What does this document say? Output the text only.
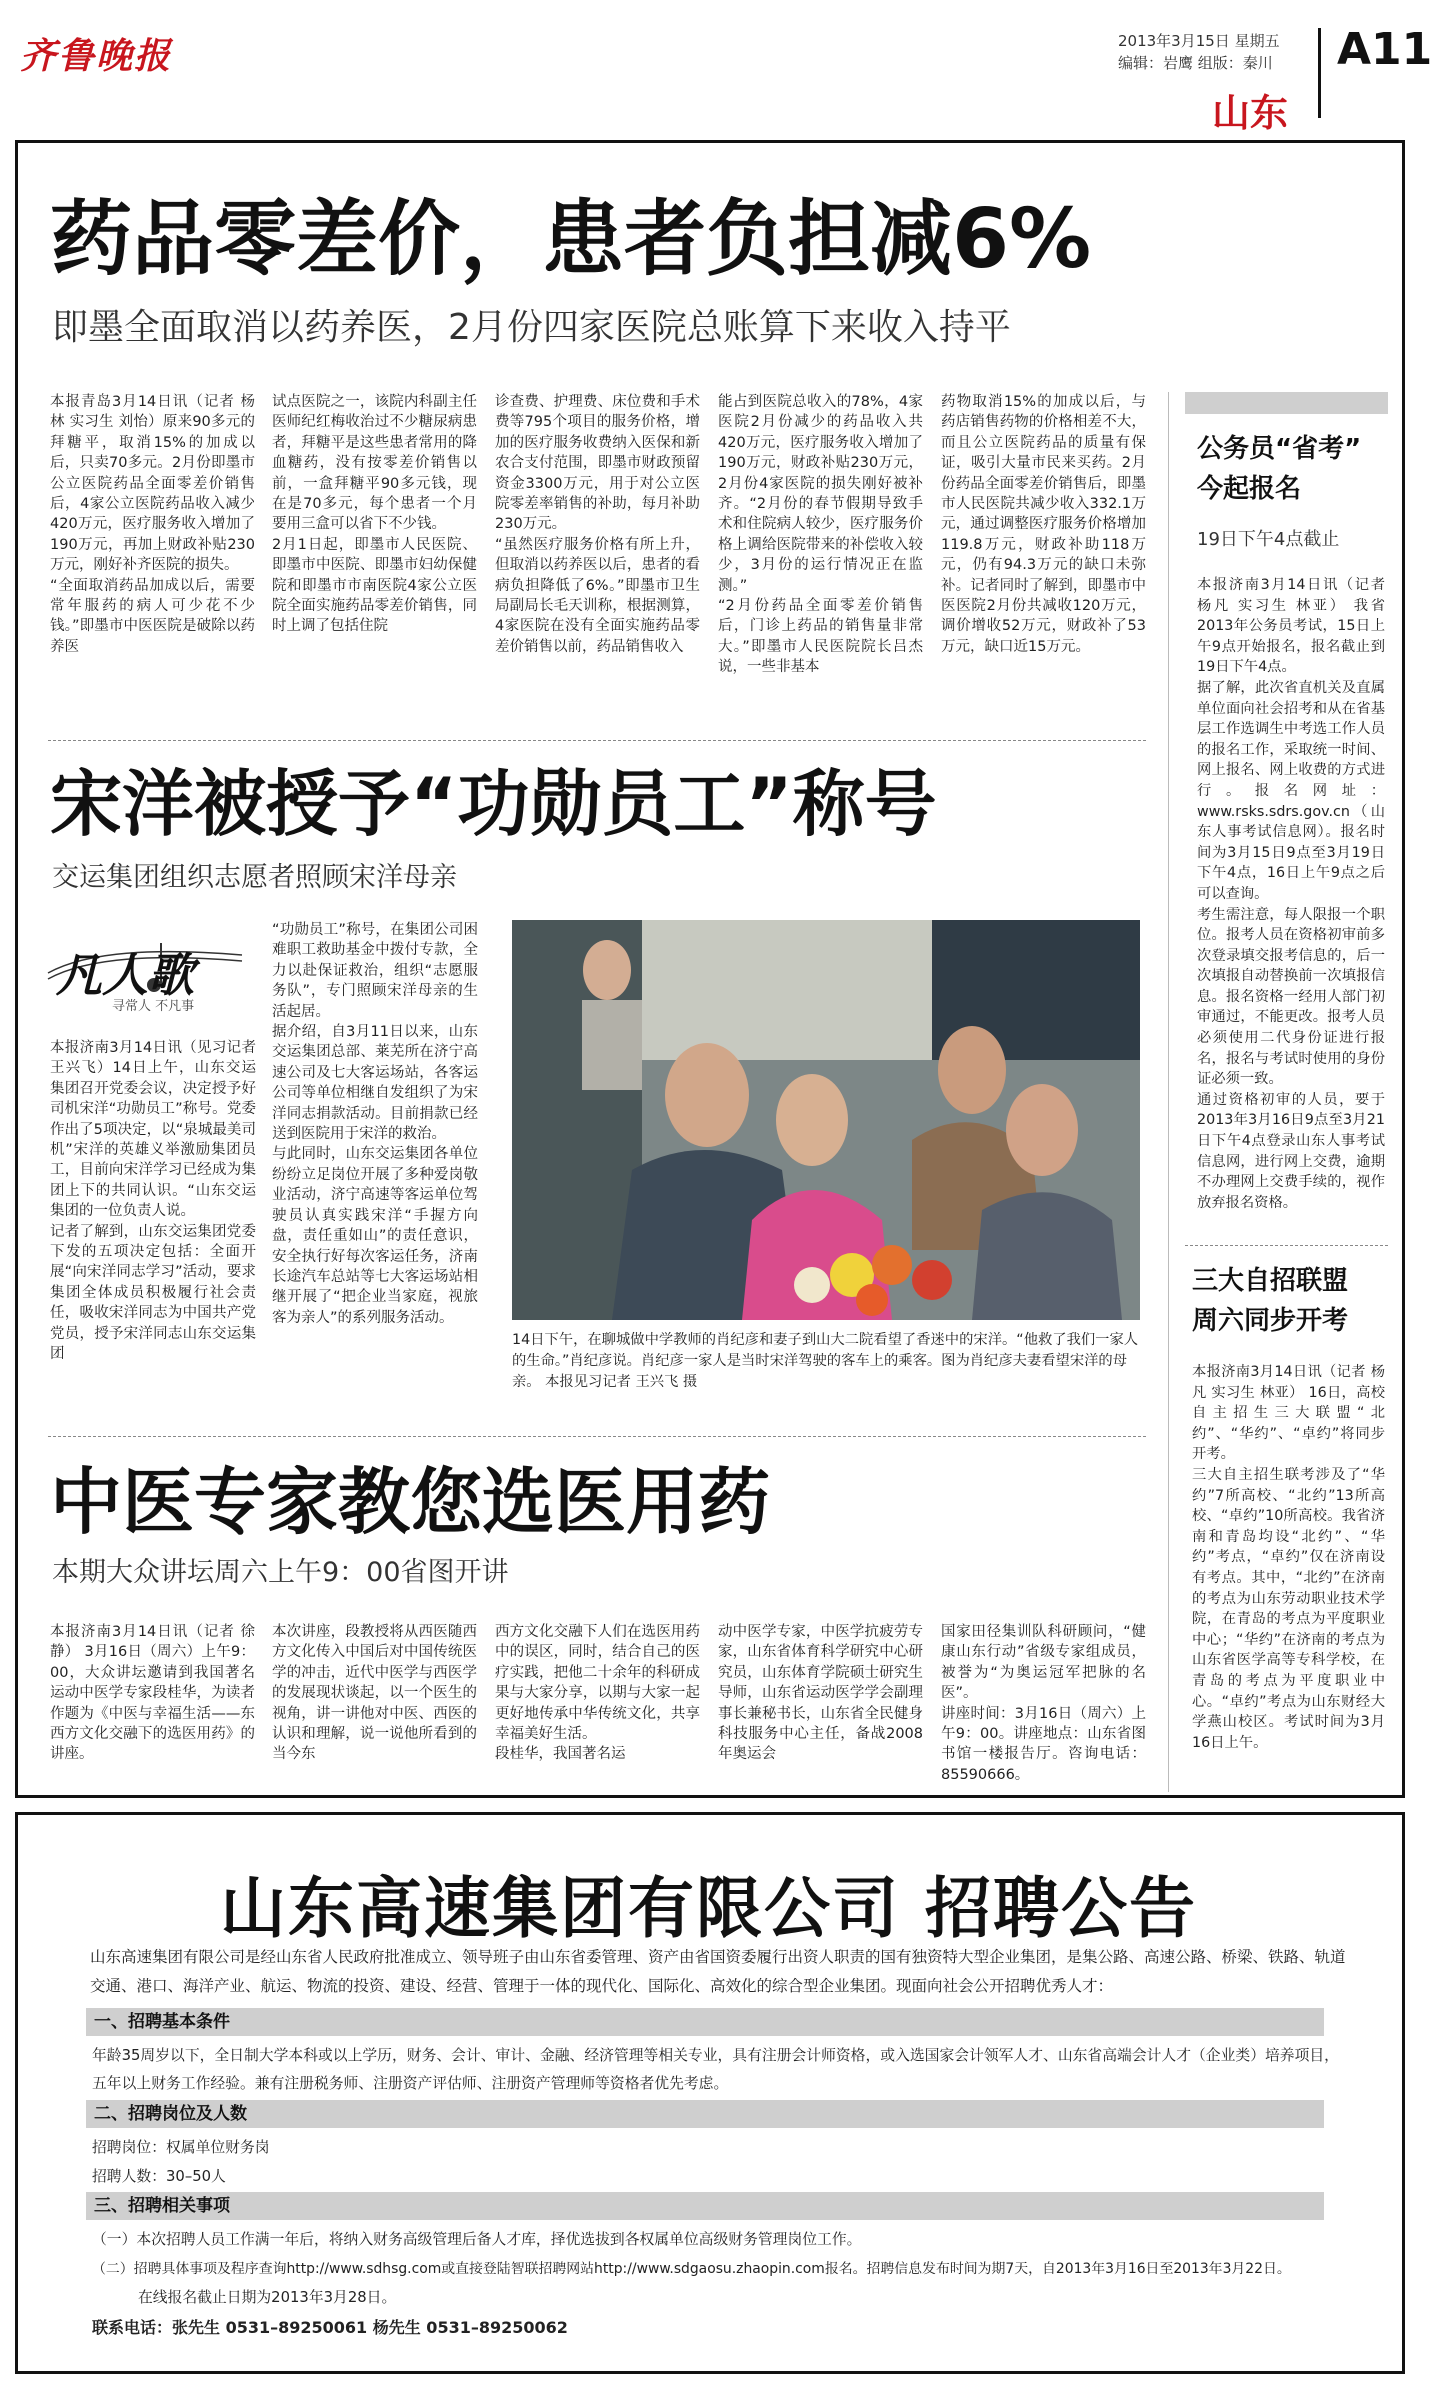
齐鲁晚报	2013年3月15日 星期五
编辑：岩鹰 组版：秦川 A11
山东
药品零差价，患者负担减6%
即墨全面取消以药养医，2月份四家医院总账算下来收入持平
本报青岛3月14日讯（记者 杨林 实习生 刘怡）原来90多元的拜糖平，取消15%的加成以后，只卖70多元。2月份即墨市公立医院药品全面零差价销售后，4家公立医院药品收入减少420万元，医疗服务收入增加了190万元，再加上财政补贴230万元，刚好补齐医院的损失。
“全面取消药品加成以后，需要常年服药的病人可少花不少钱。”即墨市中医医院是破除以药养医
试点医院之一，该院内科副主任医师纪红梅收治过不少糖尿病患者，拜糖平是这些患者常用的降血糖药，没有按零差价销售以前，一盒拜糖平90多元钱，现在是70多元，每个患者一个月要用三盒可以省下不少钱。
2月1日起，即墨市人民医院、即墨市中医院、即墨市妇幼保健院和即墨市市南医院4家公立医院全面实施药品零差价销售，同时上调了包括住院
诊查费、护理费、床位费和手术费等795个项目的服务价格，增加的医疗服务收费纳入医保和新农合支付范围，即墨市财政预留资金3300万元，用于对公立医院零差率销售的补助，每月补助230万元。
“虽然医疗服务价格有所上升，但取消以药养医以后，患者的看病负担降低了6%。”即墨市卫生局副局长毛天训称，根据测算，4家医院在没有全面实施药品零差价销售以前，药品销售收入
能占到医院总收入的78%，4家医院2月份减少的药品收入共420万元，医疗服务收入增加了190万元，财政补贴230万元，2月份4家医院的损失刚好被补齐。“2月份的春节假期导致手术和住院病人较少，医疗服务价格上调给医院带来的补偿收入较少，3月份的运行情况正在监测。”
“2月份药品全面零差价销售后，门诊上药品的销售量非常大。”即墨市人民医院院长吕杰说，一些非基本
药物取消15%的加成以后，与药店销售药物的价格相差不大，而且公立医院药品的质量有保证，吸引大量市民来买药。2月份药品全面零差价销售后，即墨市人民医院共减少收入332.1万元，通过调整医疗服务价格增加119.8万元，财政补助118万元，仍有94.3万元的缺口未弥补。记者同时了解到，即墨市中医医院2月份共减收120万元，调价增收52万元，财政补了53万元，缺口近15万元。
宋洋被授予“功勋员工”称号
交运集团组织志愿者照顾宋洋母亲
凡人歌
寻常人 不凡事
本报济南3月14日讯（见习记者 王兴飞）14日上午，山东交运集团召开党委会议，决定授予好司机宋洋“功勋员工”称号。党委作出了5项决定，以“泉城最美司机”宋洋的英雄义举激励集团员工，目前向宋洋学习已经成为集团上下的共同认识。“山东交运集团的一位负责人说。
记者了解到，山东交运集团党委下发的五项决定包括：全面开展“向宋洋同志学习”活动，要求集团全体成员积极履行社会责任，吸收宋洋同志为中国共产党党员，授予宋洋同志山东交运集团
“功勋员工”称号，在集团公司困难职工救助基金中拨付专款，全力以赴保证救治，组织“志愿服务队”，专门照顾宋洋母亲的生活起居。
据介绍，自3月11日以来，山东交运集团总部、莱芜所在济宁高速公司及七大客运场站，各客运公司等单位相继自发组织了为宋洋同志捐款活动。目前捐款已经送到医院用于宋洋的救治。
与此同时，山东交运集团各单位纷纷立足岗位开展了多种爱岗敬业活动，济宁高速等客运单位驾驶员认真实践宋洋“手握方向盘，责任重如山”的责任意识，安全执行好每次客运任务，济南长途汽车总站等七大客运场站相继开展了“把企业当家庭，视旅客为亲人”的系列服务活动。
14日下午，在聊城做中学教师的肖纪彦和妻子到山大二院看望了香迷中的宋洋。“他救了我们一家人的生命。”肖纪彦说。肖纪彦一家人是当时宋洋驾驶的客车上的乘客。图为肖纪彦夫妻看望宋洋的母亲。 本报见习记者 王兴飞 摄
中医专家教您选医用药
本期大众讲坛周六上午9：00省图开讲
本报济南3月14日讯（记者 徐静） 3月16日（周六）上午9：00，大众讲坛邀请到我国著名运动中医学专家段桂华，为读者作题为《中医与幸福生活——东西方文化交融下的选医用药》的讲座。
本次讲座，段教授将从西医随西方文化传入中国后对中国传统医学的冲击，近代中医学与西医学的发展现状谈起，以一个医生的视角，讲一讲他对中医、西医的认识和理解，说一说他所看到的当今东
西方文化交融下人们在选医用药中的误区，同时，结合自己的医疗实践，把他二十余年的科研成果与大家分享，以期与大家一起更好地传承中华传统文化，共享幸福美好生活。
段桂华，我国著名运
动中医学专家，中医学抗疲劳专家，山东省体育科学研究中心研究员，山东体育学院硕士研究生导师，山东省运动医学学会副理事长兼秘书长，山东省全民健身科技服务中心主任，备战2008年奥运会
国家田径集训队科研顾问，“健康山东行动”省级专家组成员，被誉为“为奥运冠军把脉的名医”。
讲座时间：3月16日（周六）上午9：00。讲座地点：山东省图书馆一楼报告厅。咨询电话：85590666。
公务员“省考”
今起报名
19日下午4点截止
本报济南3月14日讯（记者 杨凡 实习生 林亚） 我省2013年公务员考试，15日上午9点开始报名，报名截止到19日下午4点。
据了解，此次省直机关及直属单位面向社会招考和从在省基层工作选调生中考选工作人员的报名工作，采取统一时间、网上报名、网上收费的方式进行。报名网址：www.rsks.sdrs.gov.cn（山东人事考试信息网）。报名时间为3月15日9点至3月19日下午4点，16日上午9点之后可以查询。
考生需注意，每人限报一个职位。报考人员在资格初审前多次登录填交报考信息的，后一次填报自动替换前一次填报信息。报名资格一经用人部门初审通过，不能更改。报考人员必须使用二代身份证进行报名，报名与考试时使用的身份证必须一致。
通过资格初审的人员，要于2013年3月16日9点至3月21日下午4点登录山东人事考试信息网，进行网上交费，逾期不办理网上交费手续的，视作放弃报名资格。
三大自招联盟
周六同步开考
本报济南3月14日讯（记者 杨凡 实习生 林亚） 16日，高校自主招生三大联盟“北约”、“华约”、“卓约”将同步开考。
三大自主招生联考涉及了“华约”7所高校、“北约”13所高校、“卓约”10所高校。我省济南和青岛均设“北约”、“华约”考点，“卓约”仅在济南设有考点。其中，“北约”在济南的考点为山东劳动职业技术学院，在青岛的考点为平度职业中心；“华约”在济南的考点为山东省医学高等专科学校，在青岛的考点为平度职业中心。“卓约”考点为山东财经大学燕山校区。考试时间为3月16日上午。
山东高速集团有限公司 招聘公告
山东高速集团有限公司是经山东省人民政府批准成立、领导班子由山东省委管理、资产由省国资委履行出资人职责的国有独资特大型企业集团，是集公路、高速公路、桥梁、铁路、轨道交通、港口、海洋产业、航运、物流的投资、建设、经营、管理于一体的现代化、国际化、高效化的综合型企业集团。现面向社会公开招聘优秀人才：
一、招聘基本条件
年龄35周岁以下，全日制大学本科或以上学历，财务、会计、审计、金融、经济管理等相关专业，具有注册会计师资格，或入选国家会计领军人才、山东省高端会计人才（企业类）培养项目，
五年以上财务工作经验。兼有注册税务师、注册资产评估师、注册资产管理师等资格者优先考虑。
二、招聘岗位及人数
招聘岗位：权属单位财务岗
招聘人数：30–50人
三、招聘相关事项
（一）本次招聘人员工作满一年后，将纳入财务高级管理后备人才库，择优选拔到各权属单位高级财务管理岗位工作。
（二）招聘具体事项及程序查询http://www.sdhsg.com或直接登陆智联招聘网站http://www.sdgaosu.zhaopin.com报名。招聘信息发布时间为期7天，自2013年3月16日至2013年3月22日。
在线报名截止日期为2013年3月28日。
联系电话：张先生 0531–89250061 杨先生 0531–89250062
